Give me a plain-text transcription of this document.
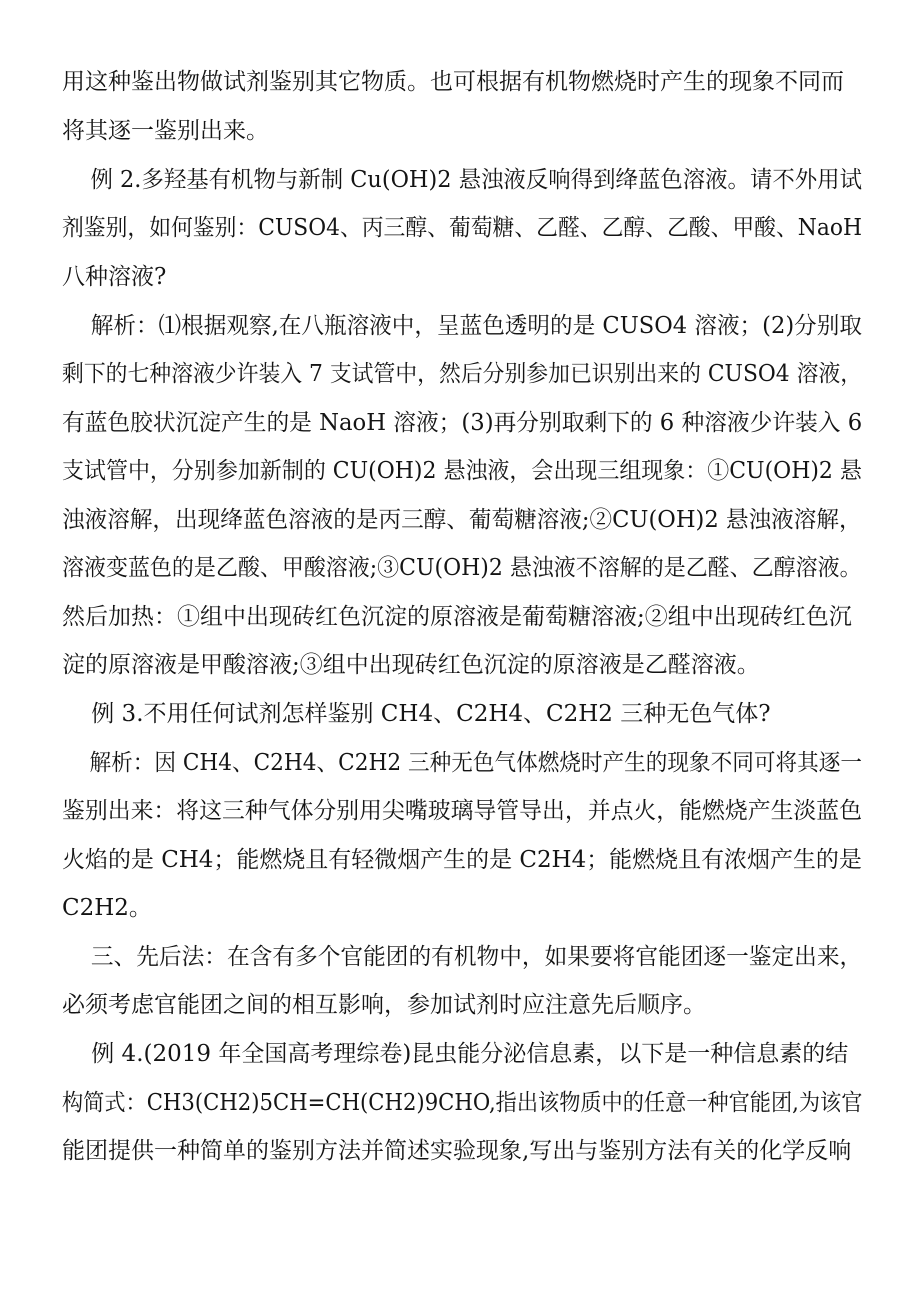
用这种鉴出物做试剂鉴别其它物质。也可根据有机物燃烧时产生的现象不同而
将其逐一鉴别出来。
例 2.多羟基有机物与新制 Cu(OH)2 悬浊液反响得到绛蓝色溶液。请不外用试
剂鉴别，如何鉴别：CUSO4、丙三醇、葡萄糖、乙醛、乙醇、乙酸、甲酸、NaoH
八种溶液?
解析：⑴根据观察,在八瓶溶液中，呈蓝色透明的是 CUSO4 溶液；(2)分别取
剩下的七种溶液少许装入 7 支试管中，然后分别参加已识别出来的 CUSO4 溶液，
有蓝色胶状沉淀产生的是 NaoH 溶液；(3)再分别取剩下的 6 种溶液少许装入 6
支试管中，分别参加新制的 CU(OH)2 悬浊液，会出现三组现象：①CU(OH)2 悬
浊液溶解，出现绛蓝色溶液的是丙三醇、葡萄糖溶液;②CU(OH)2 悬浊液溶解，
溶液变蓝色的是乙酸、甲酸溶液;③CU(OH)2 悬浊液不溶解的是乙醛、乙醇溶液。
然后加热：①组中出现砖红色沉淀的原溶液是葡萄糖溶液;②组中出现砖红色沉
淀的原溶液是甲酸溶液;③组中出现砖红色沉淀的原溶液是乙醛溶液。
例 3.不用任何试剂怎样鉴别 CH4、C2H4、C2H2 三种无色气体?
解析：因 CH4、C2H4、C2H2 三种无色气体燃烧时产生的现象不同可将其逐一
鉴别出来：将这三种气体分别用尖嘴玻璃导管导出，并点火，能燃烧产生淡蓝色
火焰的是 CH4；能燃烧且有轻微烟产生的是 C2H4；能燃烧且有浓烟产生的是
C2H2。
三、先后法：在含有多个官能团的有机物中，如果要将官能团逐一鉴定出来，
必须考虑官能团之间的相互影响，参加试剂时应注意先后顺序。
例 4.(2019 年全国高考理综卷)昆虫能分泌信息素，以下是一种信息素的结
构简式：CH3(CH2)5CH=CH(CH2)9CHO,指出该物质中的任意一种官能团,为该官
能团提供一种简单的鉴别方法并简述实验现象,写出与鉴别方法有关的化学反响
